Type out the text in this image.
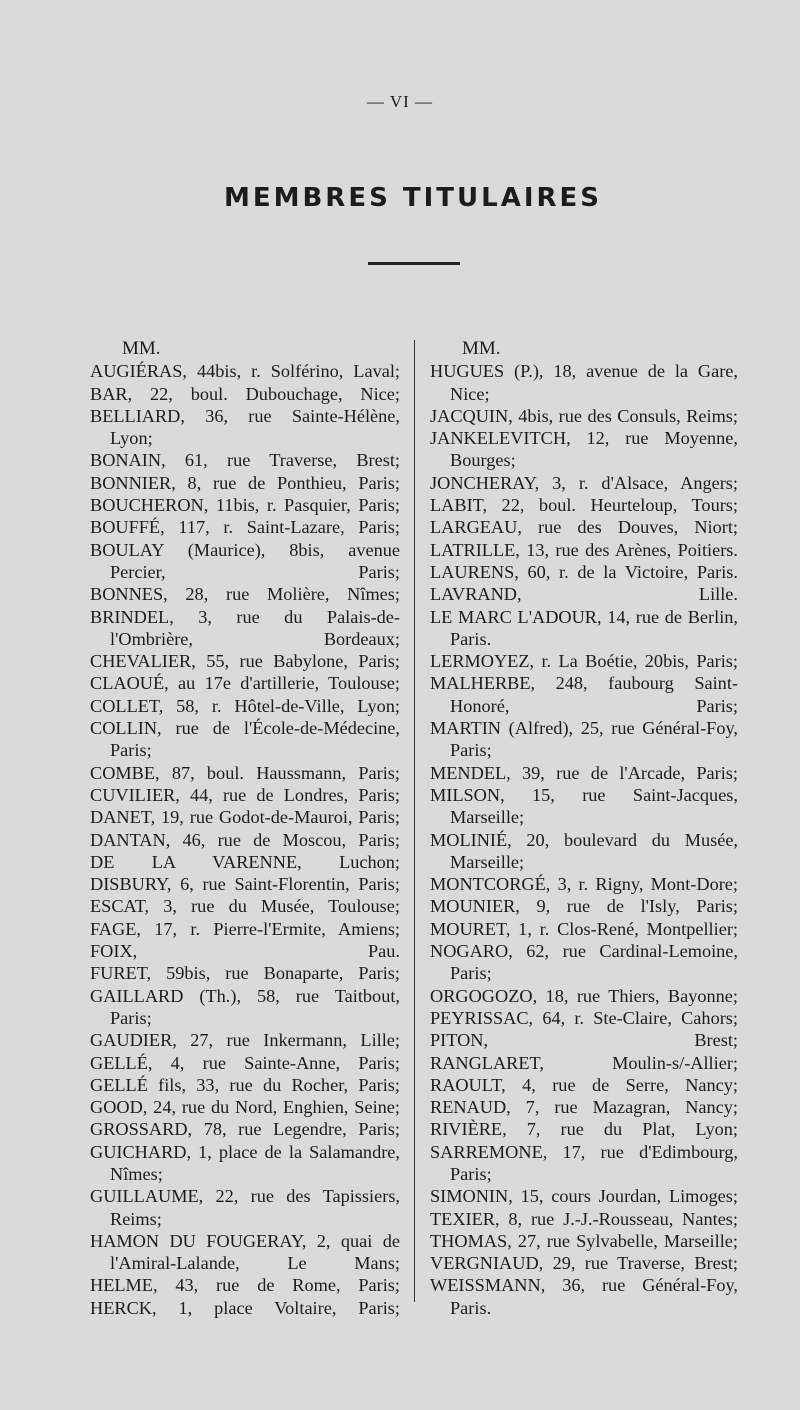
— VI —
MEMBRES TITULAIRES
MM.
AUGIÉRAS, 44bis, r. Solférino, Laval;
BAR, 22, boul. Dubouchage, Nice;
BELLIARD, 36, rue Sainte-Hélène, Lyon;
BONAIN, 61, rue Traverse, Brest;
BONNIER, 8, rue de Ponthieu, Paris;
BOUCHERON, 11bis, r. Pasquier, Paris;
BOUFFÉ, 117, r. Saint-Lazare, Paris;
BOULAY (Maurice), 8bis, avenue Percier, Paris;
BONNES, 28, rue Molière, Nîmes;
BRINDEL, 3, rue du Palais-de-l'Ombrière, Bordeaux;
CHEVALIER, 55, rue Babylone, Paris;
CLAOUÉ, au 17e d'artillerie, Toulouse;
COLLET, 58, r. Hôtel-de-Ville, Lyon;
COLLIN, rue de l'École-de-Médecine, Paris;
COMBE, 87, boul. Haussmann, Paris;
CUVILIER, 44, rue de Londres, Paris;
DANET, 19, rue Godot-de-Mauroi, Paris;
DANTAN, 46, rue de Moscou, Paris;
DE LA VARENNE, Luchon;
DISBURY, 6, rue Saint-Florentin, Paris;
ESCAT, 3, rue du Musée, Toulouse;
FAGE, 17, r. Pierre-l'Ermite, Amiens;
FOIX, Pau.
FURET, 59bis, rue Bonaparte, Paris;
GAILLARD (Th.), 58, rue Taitbout, Paris;
GAUDIER, 27, rue Inkermann, Lille;
GELLÉ, 4, rue Sainte-Anne, Paris;
GELLÉ fils, 33, rue du Rocher, Paris;
GOOD, 24, rue du Nord, Enghien, Seine;
GROSSARD, 78, rue Legendre, Paris;
GUICHARD, 1, place de la Salamandre, Nîmes;
GUILLAUME, 22, rue des Tapissiers, Reims;
HAMON DU FOUGERAY, 2, quai de l'Amiral-Lalande, Le Mans;
HELME, 43, rue de Rome, Paris;
HERCK, 1, place Voltaire, Paris;
MM.
HUGUES (P.), 18, avenue de la Gare, Nice;
JACQUIN, 4bis, rue des Consuls, Reims;
JANKELEVITCH, 12, rue Moyenne, Bourges;
JONCHERAY, 3, r. d'Alsace, Angers;
LABIT, 22, boul. Heurteloup, Tours;
LARGEAU, rue des Douves, Niort;
LATRILLE, 13, rue des Arènes, Poitiers.
LAURENS, 60, r. de la Victoire, Paris.
LAVRAND, Lille.
LE MARC L'ADOUR, 14, rue de Berlin, Paris.
LERMOYEZ, r. La Boétie, 20bis, Paris;
MALHERBE, 248, faubourg Saint-Honoré, Paris;
MARTIN (Alfred), 25, rue Général-Foy, Paris;
MENDEL, 39, rue de l'Arcade, Paris;
MILSON, 15, rue Saint-Jacques, Marseille;
MOLINIÉ, 20, boulevard du Musée, Marseille;
MONTCORGÉ, 3, r. Rigny, Mont-Dore;
MOUNIER, 9, rue de l'Isly, Paris;
MOURET, 1, r. Clos-René, Montpellier;
NOGARO, 62, rue Cardinal-Lemoine, Paris;
ORGOGOZO, 18, rue Thiers, Bayonne;
PEYRISSAC, 64, r. Ste-Claire, Cahors;
PITON, Brest;
RANGLARET, Moulin-s/-Allier;
RAOULT, 4, rue de Serre, Nancy;
RENAUD, 7, rue Mazagran, Nancy;
RIVIÈRE, 7, rue du Plat, Lyon;
SARREMONE, 17, rue d'Edimbourg, Paris;
SIMONIN, 15, cours Jourdan, Limoges;
TEXIER, 8, rue J.-J.-Rousseau, Nantes;
THOMAS, 27, rue Sylvabelle, Marseille;
VERGNIAUD, 29, rue Traverse, Brest;
WEISSMANN, 36, rue Général-Foy, Paris.
